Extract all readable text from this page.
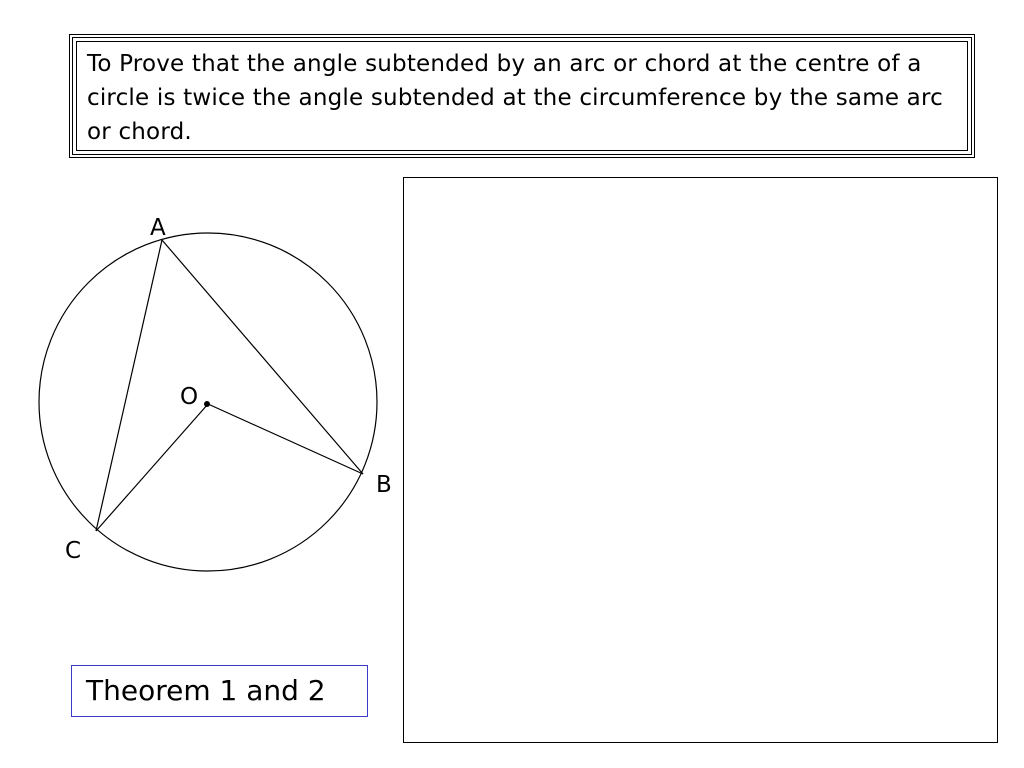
To Prove that the angle subtended by an arc or chord at the centre of a circle is twice the angle subtended at the circumference by the same arc or chord.
A
O
B
C
Theorem 1 and 2
